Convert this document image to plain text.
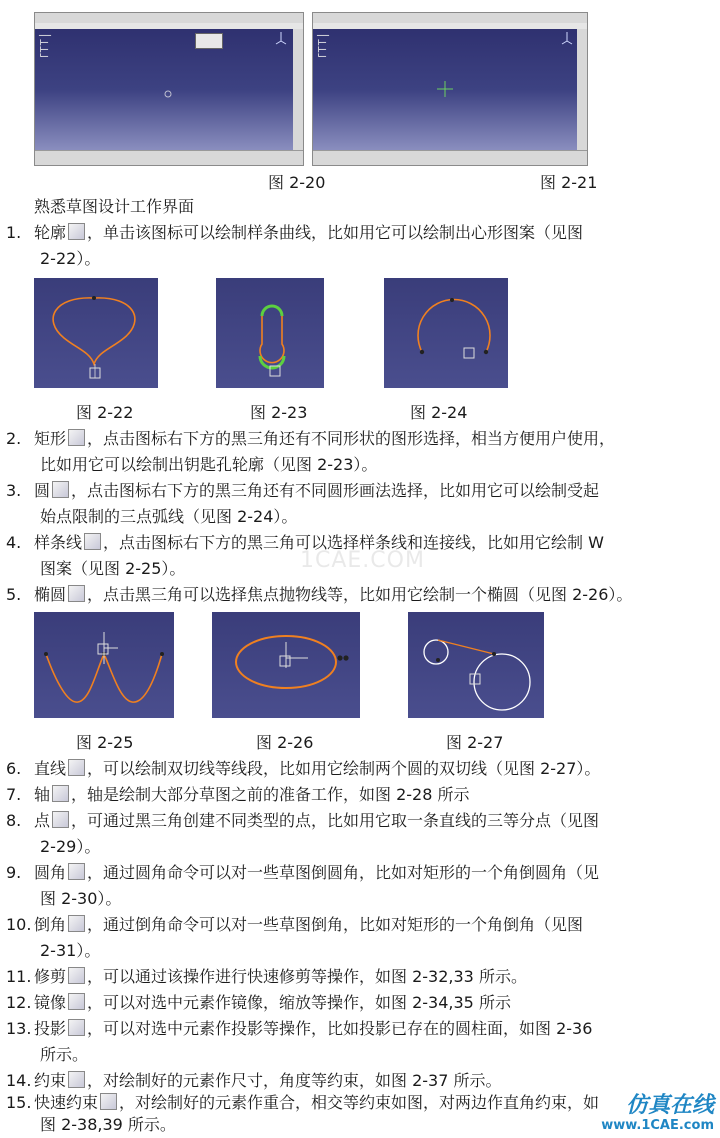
━━━━
┣━━
┣━━
┗━━
━━━━
┣━━
┣━━
┗━━
图 2-20	图 2-21
熟悉草图设计工作界面
1. 轮廓 ，单击该图标可以绘制样条曲线，比如用它可以绘制出心形图案（见图
2-22）。
图 2-22	图 2-23	图 2-24
2. 矩形 ，点击图标右下方的黑三角还有不同形状的图形选择，相当方便用户使用，
比如用它可以绘制出钥匙孔轮廓（见图 2-23）。
3. 圆 ，点击图标右下方的黑三角还有不同圆形画法选择，比如用它可以绘制受起
始点限制的三点弧线（见图 2-24）。
4. 样条线 ，点击图标右下方的黑三角可以选择样条线和连接线，比如用它绘制 W
图案（见图 2-25）。	1CAE.COM
5. 椭圆 ，点击黑三角可以选择焦点抛物线等，比如用它绘制一个椭圆（见图 2-26）。
图 2-25	图 2-26	图 2-27
6. 直线 ，可以绘制双切线等线段，比如用它绘制两个圆的双切线（见图 2-27）。
7. 轴 ，轴是绘制大部分草图之前的准备工作，如图 2-28 所示
8. 点 ，可通过黑三角创建不同类型的点，比如用它取一条直线的三等分点（见图
2-29）。
9. 圆角 ，通过圆角命令可以对一些草图倒圆角，比如对矩形的一个角倒圆角（见
图 2-30）。
10. 倒角 ，通过倒角命令可以对一些草图倒角，比如对矩形的一个角倒角（见图
2-31）。
11. 修剪 ，可以通过该操作进行快速修剪等操作，如图 2-32,33 所示。
12. 镜像 ，可以对选中元素作镜像，缩放等操作，如图 2-34,35 所示
13. 投影 ，可以对选中元素作投影等操作，比如投影已存在的圆柱面，如图 2-36
所示。
14. 约束 ，对绘制好的元素作尺寸，角度等约束，如图 2-37 所示。
15. 快速约束 ，对绘制好的元素作重合，相交等约束如图，对两边作直角约束，如
图 2-38,39 所示。
仿真在线
www.1CAE.com
